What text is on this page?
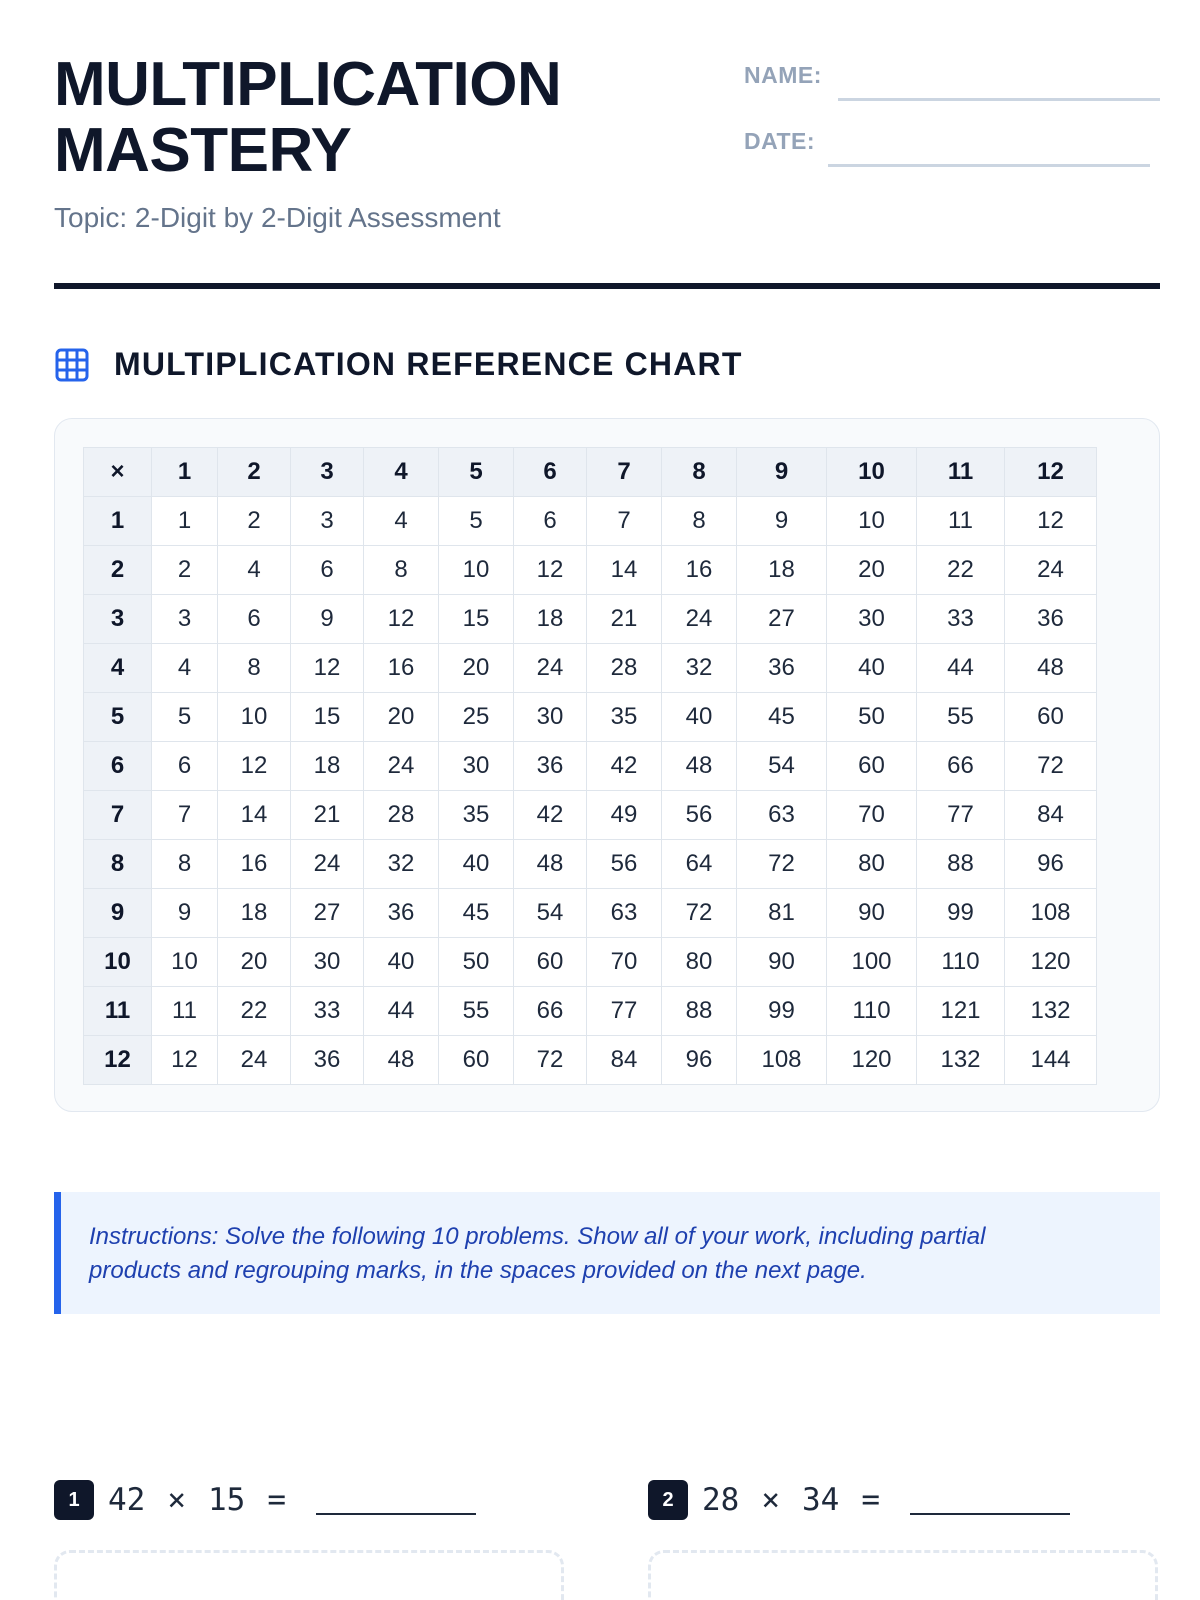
MULTIPLICATION
MASTERY
Topic: 2-Digit by 2-Digit Assessment
NAME:
DATE:
MULTIPLICATION REFERENCE CHART
×	1	2	3	4	5	6	7	8	9	10	11	12
1	1	2	3	4	5	6	7	8	9	10	11	12
2	2	4	6	8	10	12	14	16	18	20	22	24
3	3	6	9	12	15	18	21	24	27	30	33	36
4	4	8	12	16	20	24	28	32	36	40	44	48
5	5	10	15	20	25	30	35	40	45	50	55	60
6	6	12	18	24	30	36	42	48	54	60	66	72
7	7	14	21	28	35	42	49	56	63	70	77	84
8	8	16	24	32	40	48	56	64	72	80	88	96
9	9	18	27	36	45	54	63	72	81	90	99	108
10	10	20	30	40	50	60	70	80	90	100	110	120
11	11	22	33	44	55	66	77	88	99	110	121	132
12	12	24	36	48	60	72	84	96	108	120	132	144

Instructions: Solve the following 10 problems. Show all of your work, including partial products and regrouping marks, in the spaces provided on the next page.

1 42 × 15 =	2 28 × 34 =
